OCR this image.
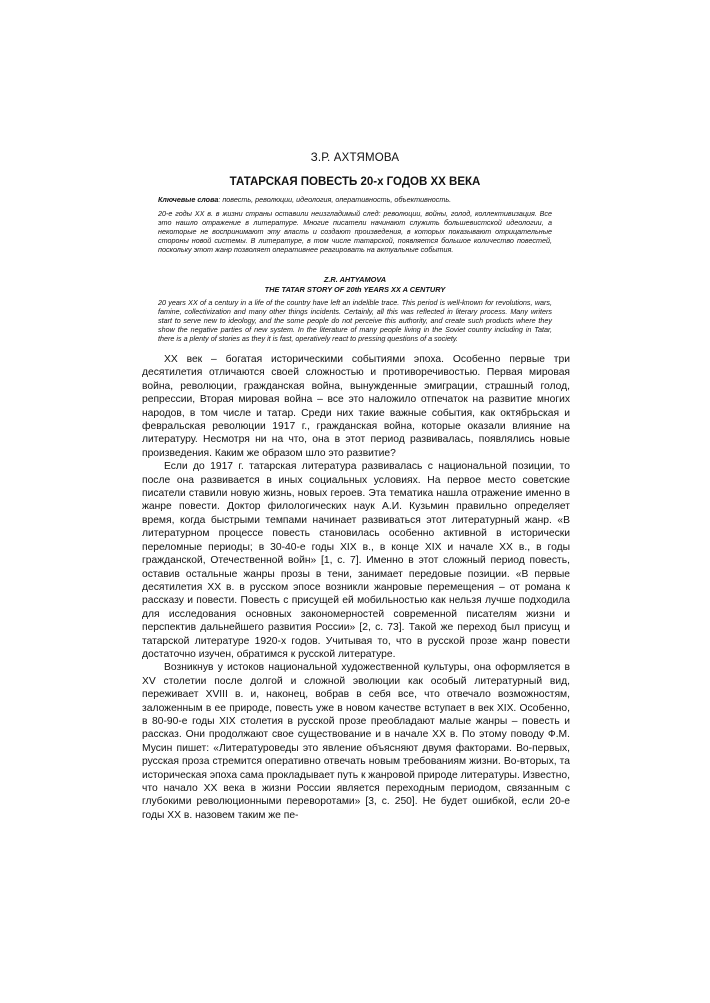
З.Р. АХТЯМОВА
ТАТАРСКАЯ ПОВЕСТЬ 20-х ГОДОВ XX ВЕКА
Ключевые слова: повесть, революции, идеология, оперативность, объективность.
20-е годы XX в. в жизни страны оставили неизгладимый след: революции, войны, голод, коллективизация. Все это нашло отражение в литературе. Многие писатели начинают служить большевистской идеологии, а некоторые не воспринимают эту власть и создают произведения, в которых показывают отрицательные стороны новой системы. В литературе, в том числе татарской, появляется большое количество повестей, поскольку этот жанр позволяет оперативнее реагировать на актуальные события.
Z.R. AHTYAMOVA
THE TATAR STORY OF 20th YEARS XX A CENTURY
20 years XX of a century in a life of the country have left an indelible trace. This period is well-known for revolutions, wars, famine, collectivization and many other things incidents. Certainly, all this was reflected in literary process. Many writers start to serve new to ideology, and the some people do not perceive this authority, and create such products where they show the negative parties of new system. In the literature of many people living in the Soviet country including in Tatar, there is a plenty of stories as they it is fast, operatively react to pressing questions of a society.

XX век – богатая историческими событиями эпоха. Особенно первые три десятилетия отличаются своей сложностью и противоречивостью. Первая мировая война, революции, гражданская война, вынужденные эмиграции, страшный голод, репрессии, Вторая мировая война – все это наложило отпечаток на развитие многих народов, в том числе и татар. Среди них такие важные события, как октябрьская и февральская революции 1917 г., гражданская война, которые оказали влияние на литературу. Несмотря ни на что, она в этот период развивалась, появлялись новые произведения. Каким же образом шло это развитие?

Если до 1917 г. татарская литература развивалась с национальной позиции, то после она развивается в иных социальных условиях. На первое место советские писатели ставили новую жизнь, новых героев. Эта тематика нашла отражение именно в жанре повести. Доктор филологических наук А.И. Кузьмин правильно определяет время, когда быстрыми темпами начинает развиваться этот литературный жанр. «В литературном процессе повесть становилась особенно активной в исторически переломные периоды; в 30-40-е годы XIX в., в конце XIX и начале XX в., в годы гражданской, Отечественной войн» [1, с. 7]. Именно в этот сложный период повесть, оставив остальные жанры прозы в тени, занимает передовые позиции. «В первые десятилетия XX в. в русском эпосе возникли жанровые перемещения – от романа к рассказу и повести. Повесть с присущей ей мобильностью как нельзя лучше подходила для исследования основных закономерностей современной писателям жизни и перспектив дальнейшего развития России» [2, с. 73]. Такой же переход был присущ и татарской литературе 1920-х годов. Учитывая то, что в русской прозе жанр повести достаточно изучен, обратимся к русской литературе.

Возникнув у истоков национальной художественной культуры, она оформляется в XV столетии после долгой и сложной эволюции как особый литературный вид, переживает XVIII в. и, наконец, вобрав в себя все, что отвечало возможностям, заложенным в ее природе, повесть уже в новом качестве вступает в век XIX. Особенно, в 80-90-е годы XIX столетия в русской прозе преобладают малые жанры – повесть и рассказ. Они продолжают свое существование и в начале XX в. По этому поводу Ф.М. Мусин пишет: «Литературоведы это явление объясняют двумя факторами. Во-первых, русская проза стремится оперативно отвечать новым требованиям жизни. Во-вторых, та историческая эпоха сама прокладывает путь к жанровой природе литературы. Известно, что начало XX века в жизни России является переходным периодом, связанным с глубокими революционными переворотами» [3, с. 250]. Не будет ошибкой, если 20-е годы XX в. назовем таким же пе-
